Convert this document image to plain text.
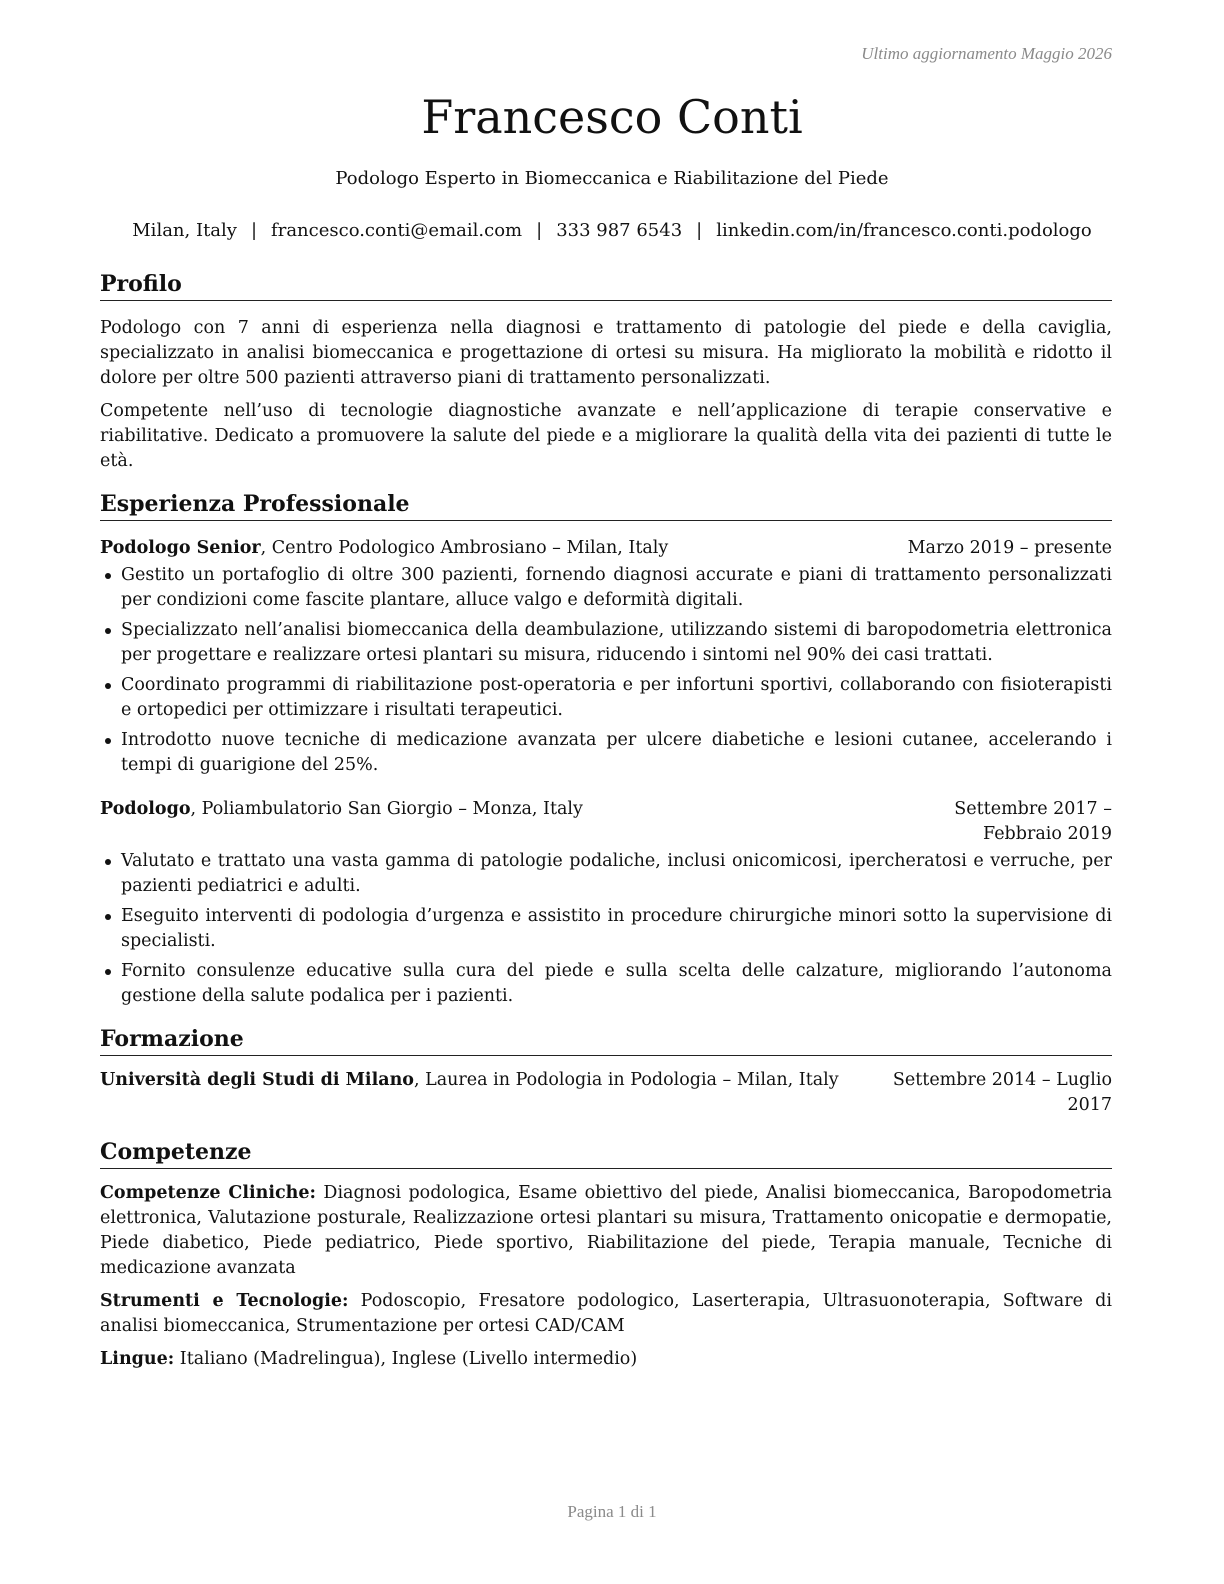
Ultimo aggiornamento Maggio 2026
Francesco Conti
Podologo Esperto in Biomeccanica e Riabilitazione del Piede
Milan, Italy | francesco.conti@email.com | 333 987 6543 | linkedin.com/in/francesco.conti.podologo
Profilo

Podologo con 7 anni di esperienza nella diagnosi e trattamento di patologie del piede e della caviglia, specializzato in analisi biomeccanica e progettazione di ortesi su misura. Ha migliorato la mobilità e ridotto il dolore per oltre 500 pazienti attraverso piani di trattamento personalizzati.

Competente nell’uso di tecnologie diagnostiche avanzate e nell’applicazione di terapie conservative e riabilitative. Dedicato a promuovere la salute del piede e a migliorare la qualità della vita dei pazienti di tutte le età.

Esperienza Professionale
Podologo Senior, Centro Podologico Ambrosiano – Milan, Italy	Marzo 2019 – presente
Gestito un portafoglio di oltre 300 pazienti, fornendo diagnosi accurate e piani di trattamento personalizzati per condizioni come fascite plantare, alluce valgo e deformità digitali.
Specializzato nell’analisi biomeccanica della deambulazione, utilizzando sistemi di baropodometria elettronica per progettare e realizzare ortesi plantari su misura, riducendo i sintomi nel 90% dei casi trattati.
Coordinato programmi di riabilitazione post-operatoria e per infortuni sportivi, collaborando con fisioterapisti e ortopedici per ottimizzare i risultati terapeutici.
Introdotto nuove tecniche di medicazione avanzata per ulcere diabetiche e lesioni cutanee, accelerando i tempi di guarigione del 25%.
Podologo, Poliambulatorio San Giorgio – Monza, Italy	Settembre 2017 – Febbraio 2019
Valutato e trattato una vasta gamma di patologie podaliche, inclusi onicomicosi, ipercheratosi e verruche, per pazienti pediatrici e adulti.
Eseguito interventi di podologia d’urgenza e assistito in procedure chirurgiche minori sotto la supervisione di specialisti.
Fornito consulenze educative sulla cura del piede e sulla scelta delle calzature, migliorando l’autonoma gestione della salute podalica per i pazienti.
Formazione
Università degli Studi di Milano, Laurea in Podologia in Podologia – Milan, Italy	Settembre 2014 – Luglio 2017
Competenze
Competenze Cliniche: Diagnosi podologica, Esame obiettivo del piede, Analisi biomeccanica, Baropodometria elettronica, Valutazione posturale, Realizzazione ortesi plantari su misura, Trattamento onicopatie e dermopatie, Piede diabetico, Piede pediatrico, Piede sportivo, Riabilitazione del piede, Terapia manuale, Tecniche di medicazione avanzata
Strumenti e Tecnologie: Podoscopio, Fresatore podologico, Laserterapia, Ultrasuonoterapia, Software di analisi biomeccanica, Strumentazione per ortesi CAD/CAM
Lingue: Italiano (Madrelingua), Inglese (Livello intermedio)
Pagina 1 di 1
